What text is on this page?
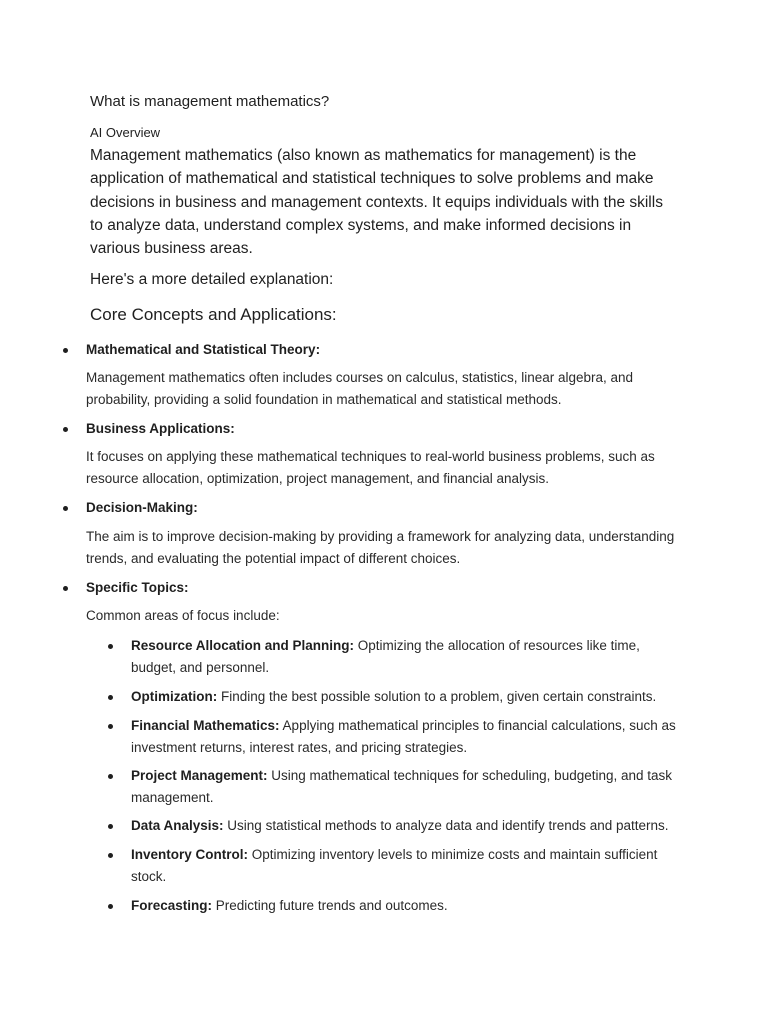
What is management mathematics?
AI Overview

Management mathematics (also known as mathematics for management) is the application of mathematical and statistical techniques to solve problems and make decisions in business and management contexts. It equips individuals with the skills to analyze data, understand complex systems, and make informed decisions in various business areas.

Here's a more detailed explanation:

Core Concepts and Applications:
Mathematical and Statistical Theory:

Management mathematics often includes courses on calculus, statistics, linear algebra, and probability, providing a solid foundation in mathematical and statistical methods.

Business Applications:

It focuses on applying these mathematical techniques to real-world business problems, such as resource allocation, optimization, project management, and financial analysis.

Decision-Making:

The aim is to improve decision-making by providing a framework for analyzing data, understanding trends, and evaluating the potential impact of different choices.

Specific Topics:

Common areas of focus include:

Resource Allocation and Planning: Optimizing the allocation of resources like time, budget, and personnel.

Optimization: Finding the best possible solution to a problem, given certain constraints.

Financial Mathematics: Applying mathematical principles to financial calculations, such as investment returns, interest rates, and pricing strategies.

Project Management: Using mathematical techniques for scheduling, budgeting, and task management.

Data Analysis: Using statistical methods to analyze data and identify trends and patterns.

Inventory Control: Optimizing inventory levels to minimize costs and maintain sufficient stock.

Forecasting: Predicting future trends and outcomes.
